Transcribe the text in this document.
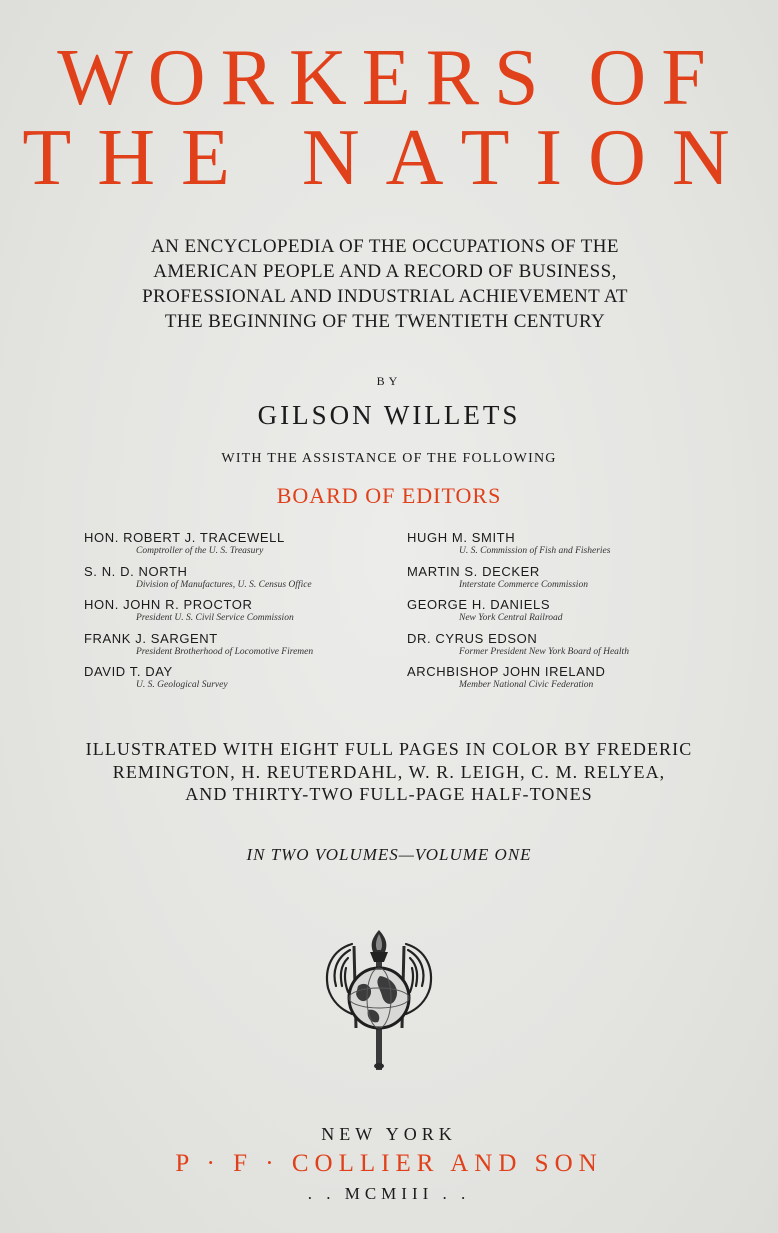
WORKERS OF
THE NATION
AN ENCYCLOPEDIA OF THE OCCUPATIONS OF THE
AMERICAN PEOPLE AND A RECORD OF BUSINESS,
PROFESSIONAL AND INDUSTRIAL ACHIEVEMENT AT
THE BEGINNING OF THE TWENTIETH CENTURY
BY
GILSON WILLETS
WITH THE ASSISTANCE OF THE FOLLOWING
BOARD OF EDITORS
HON. ROBERT J. TRACEWELL
Comptroller of the U. S. Treasury
S. N. D. NORTH
Division of Manufactures, U. S. Census Office
HON. JOHN R. PROCTOR
President U. S. Civil Service Commission
FRANK J. SARGENT
President Brotherhood of Locomotive Firemen
DAVID T. DAY
U. S. Geological Survey
HUGH M. SMITH
U. S. Commission of Fish and Fisheries
MARTIN S. DECKER
Interstate Commerce Commission
GEORGE H. DANIELS
New York Central Railroad
DR. CYRUS EDSON
Former President New York Board of Health
ARCHBISHOP JOHN IRELAND
Member National Civic Federation
ILLUSTRATED WITH EIGHT FULL PAGES IN COLOR BY FREDERIC
REMINGTON, H. REUTERDAHL, W. R. LEIGH, C. M. RELYEA,
AND THIRTY-TWO FULL-PAGE HALF-TONES
IN TWO VOLUMES—VOLUME ONE
NEW YORK
P · F · COLLIER AND SON
. . MCMIII . .
